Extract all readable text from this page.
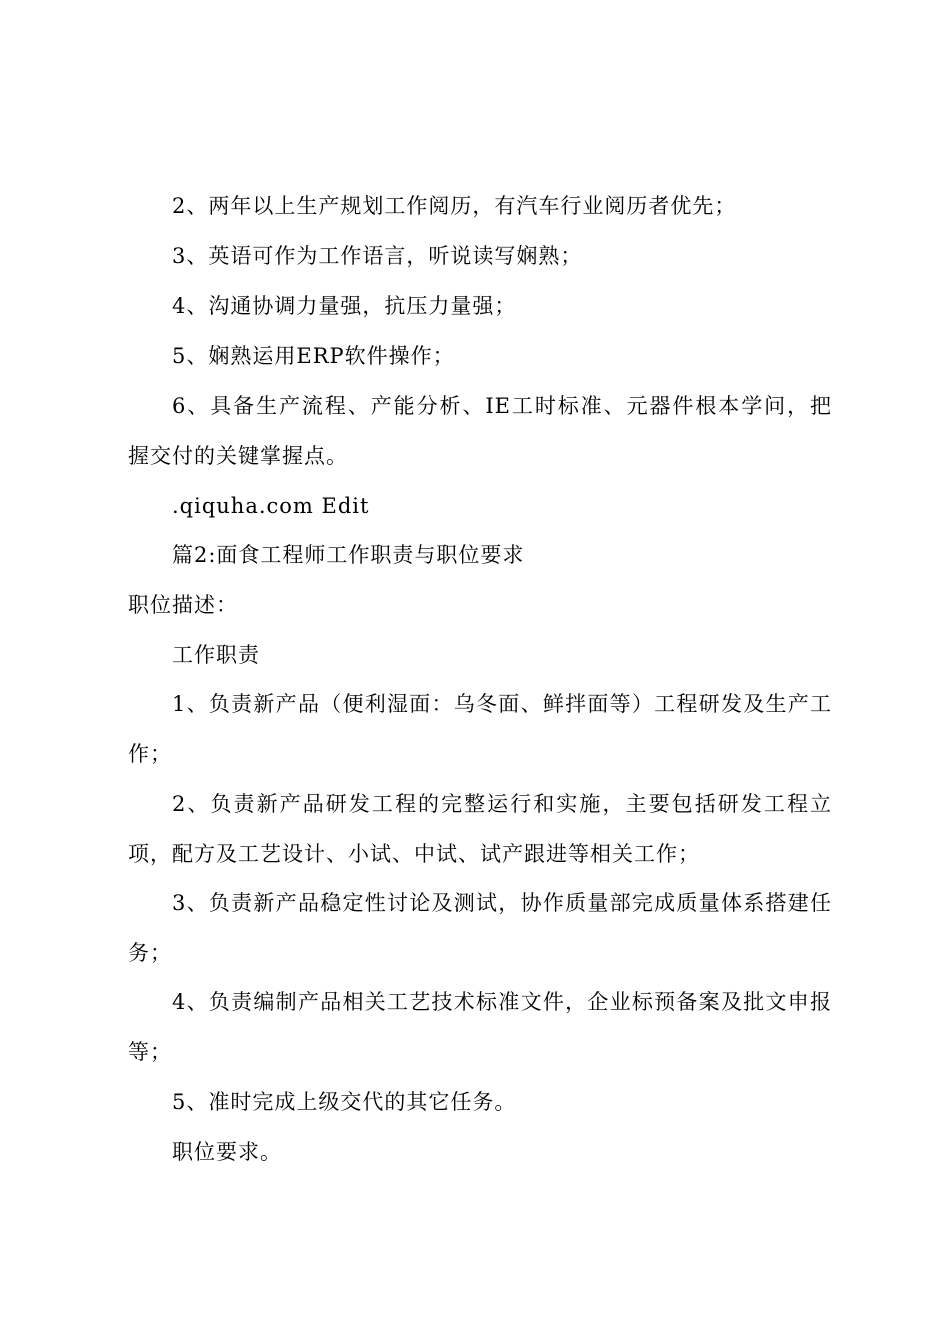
2、两年以上生产规划工作阅历，有汽车行业阅历者优先；
3、英语可作为工作语言，听说读写娴熟；
4、沟通协调力量强，抗压力量强；
5、娴熟运用ERP软件操作；
6、具备生产流程、产能分析、IE工时标准、元器件根本学问，把
握交付的关键掌握点。
.qiquha.com Edit
篇2:面食工程师工作职责与职位要求
职位描述：
工作职责
1、负责新产品（便利湿面：乌冬面、鲜拌面等）工程研发及生产工
作；
2、负责新产品研发工程的完整运行和实施，主要包括研发工程立
项，配方及工艺设计、小试、中试、试产跟进等相关工作；
3、负责新产品稳定性讨论及测试，协作质量部完成质量体系搭建任
务；
4、负责编制产品相关工艺技术标准文件，企业标预备案及批文申报
等；
5、准时完成上级交代的其它任务。
职位要求。
